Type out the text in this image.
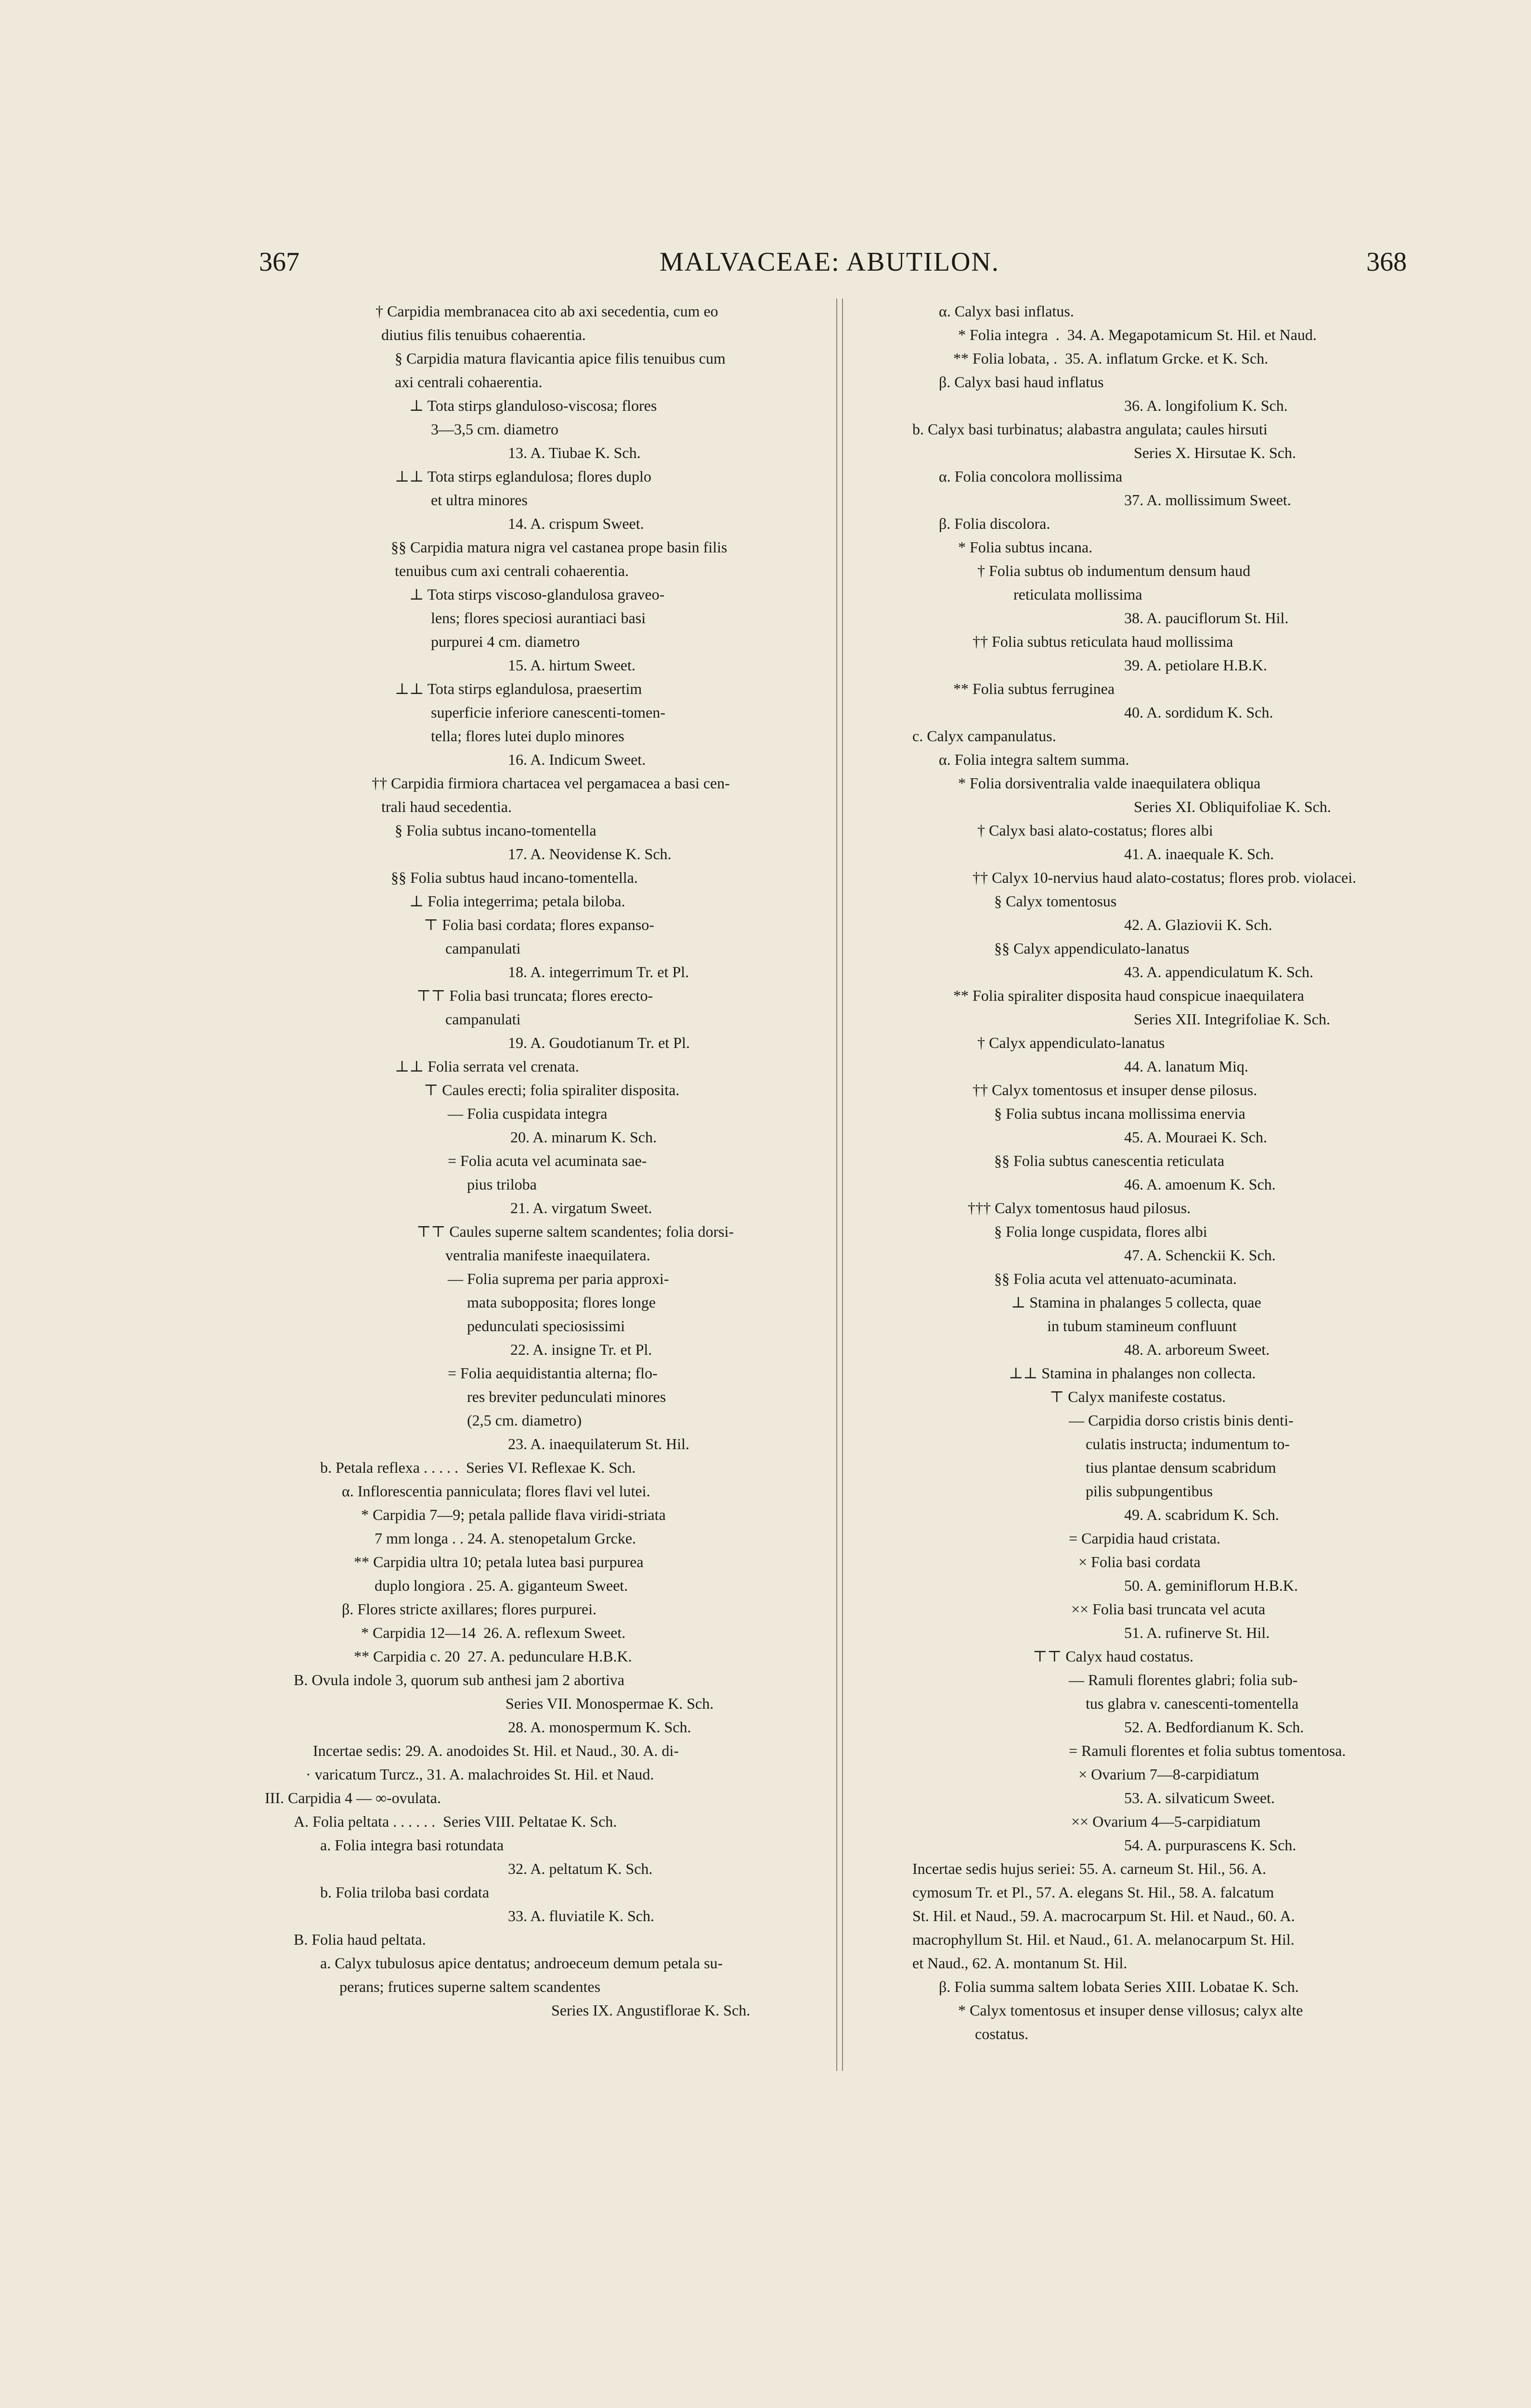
367	MALVACEAE: ABUTILON.	368
† Carpidia membranacea cito ab axi secedentia, cum eo
diutius filis tenuibus cohaerentia.
§ Carpidia matura flavicantia apice filis tenuibus cum
axi centrali cohaerentia.
⊥ Tota stirps glanduloso-viscosa; flores
3—3,5 cm. diametro
13. A. Tiubae K. Sch.
⊥⊥ Tota stirps eglandulosa; flores duplo
et ultra minores
14. A. crispum Sweet.
§§ Carpidia matura nigra vel castanea prope basin filis
tenuibus cum axi centrali cohaerentia.
⊥ Tota stirps viscoso-glandulosa graveo-
lens; flores speciosi aurantiaci basi
purpurei 4 cm. diametro
15. A. hirtum Sweet.
⊥⊥ Tota stirps eglandulosa, praesertim
superficie inferiore canescenti-tomen-
tella; flores lutei duplo minores
16. A. Indicum Sweet.
†† Carpidia firmiora chartacea vel pergamacea a basi cen-
trali haud secedentia.
§ Folia subtus incano-tomentella
17. A. Neovidense K. Sch.
§§ Folia subtus haud incano-tomentella.
⊥ Folia integerrima; petala biloba.
⊤ Folia basi cordata; flores expanso-
campanulati
18. A. integerrimum Tr. et Pl.
⊤⊤ Folia basi truncata; flores erecto-
campanulati
19. A. Goudotianum Tr. et Pl.
⊥⊥ Folia serrata vel crenata.
⊤ Caules erecti; folia spiraliter disposita.
— Folia cuspidata integra
20. A. minarum K. Sch.
= Folia acuta vel acuminata sae-
pius triloba
21. A. virgatum Sweet.
⊤⊤ Caules superne saltem scandentes; folia dorsi-
ventralia manifeste inaequilatera.
— Folia suprema per paria approxi-
mata subopposita; flores longe
pedunculati speciosissimi
22. A. insigne Tr. et Pl.
= Folia aequidistantia alterna; flo-
res breviter pedunculati minores
(2,5 cm. diametro)
23. A. inaequilaterum St. Hil.
b. Petala reflexa . . . . .  Series VI. Reflexae K. Sch.
α. Inflorescentia panniculata; flores flavi vel lutei.
* Carpidia 7—9; petala pallide flava viridi-striata
7 mm longa . . 24. A. stenopetalum Grcke.
** Carpidia ultra 10; petala lutea basi purpurea
duplo longiora . 25. A. giganteum Sweet.
β. Flores stricte axillares; flores purpurei.
* Carpidia 12—14  26. A. reflexum Sweet.
** Carpidia c. 20  27. A. pedunculare H.B.K.
B. Ovula indole 3, quorum sub anthesi jam 2 abortiva
Series VII. Monospermae K. Sch.
28. A. monospermum K. Sch.
Incertae sedis: 29. A. anodoides St. Hil. et Naud., 30. A. di-
· varicatum Turcz., 31. A. malachroides St. Hil. et Naud.
III. Carpidia 4 — ∞-ovulata.
A. Folia peltata . . . . . .  Series VIII. Peltatae K. Sch.
a. Folia integra basi rotundata
32. A. peltatum K. Sch.
b. Folia triloba basi cordata
33. A. fluviatile K. Sch.
B. Folia haud peltata.
a. Calyx tubulosus apice dentatus; androeceum demum petala su-
perans; frutices superne saltem scandentes
Series IX. Angustiflorae K. Sch.
α. Calyx basi inflatus.
* Folia integra  .  34. A. Megapotamicum St. Hil. et Naud.
** Folia lobata, .  35. A. inflatum Grcke. et K. Sch.
β. Calyx basi haud inflatus
36. A. longifolium K. Sch.
b. Calyx basi turbinatus; alabastra angulata; caules hirsuti
Series X. Hirsutae K. Sch.
α. Folia concolora mollissima
37. A. mollissimum Sweet.
β. Folia discolora.
* Folia subtus incana.
† Folia subtus ob indumentum densum haud
reticulata mollissima
38. A. pauciflorum St. Hil.
†† Folia subtus reticulata haud mollissima
39. A. petiolare H.B.K.
** Folia subtus ferruginea
40. A. sordidum K. Sch.
c. Calyx campanulatus.
α. Folia integra saltem summa.
* Folia dorsiventralia valde inaequilatera obliqua
Series XI. Obliquifoliae K. Sch.
† Calyx basi alato-costatus; flores albi
41. A. inaequale K. Sch.
†† Calyx 10-nervius haud alato-costatus; flores prob. violacei.
§ Calyx tomentosus
42. A. Glaziovii K. Sch.
§§ Calyx appendiculato-lanatus
43. A. appendiculatum K. Sch.
** Folia spiraliter disposita haud conspicue inaequilatera
Series XII. Integrifoliae K. Sch.
† Calyx appendiculato-lanatus
44. A. lanatum Miq.
†† Calyx tomentosus et insuper dense pilosus.
§ Folia subtus incana mollissima enervia
45. A. Mouraei K. Sch.
§§ Folia subtus canescentia reticulata
46. A. amoenum K. Sch.
††† Calyx tomentosus haud pilosus.
§ Folia longe cuspidata, flores albi
47. A. Schenckii K. Sch.
§§ Folia acuta vel attenuato-acuminata.
⊥ Stamina in phalanges 5 collecta, quae
in tubum stamineum confluunt
48. A. arboreum Sweet.
⊥⊥ Stamina in phalanges non collecta.
⊤ Calyx manifeste costatus.
— Carpidia dorso cristis binis denti-
culatis instructa; indumentum to-
tius plantae densum scabridum
pilis subpungentibus
49. A. scabridum K. Sch.
= Carpidia haud cristata.
× Folia basi cordata
50. A. geminiflorum H.B.K.
×× Folia basi truncata vel acuta
51. A. rufinerve St. Hil.
⊤⊤ Calyx haud costatus.
— Ramuli florentes glabri; folia sub-
tus glabra v. canescenti-tomentella
52. A. Bedfordianum K. Sch.
= Ramuli florentes et folia subtus tomentosa.
× Ovarium 7—8-carpidiatum
53. A. silvaticum Sweet.
×× Ovarium 4—5-carpidiatum
54. A. purpurascens K. Sch.
Incertae sedis hujus seriei: 55. A. carneum St. Hil., 56. A.
cymosum Tr. et Pl., 57. A. elegans St. Hil., 58. A. falcatum
St. Hil. et Naud., 59. A. macrocarpum St. Hil. et Naud., 60. A.
macrophyllum St. Hil. et Naud., 61. A. melanocarpum St. Hil.
et Naud., 62. A. montanum St. Hil.
β. Folia summa saltem lobata Series XIII. Lobatae K. Sch.
* Calyx tomentosus et insuper dense villosus; calyx alte
costatus.
